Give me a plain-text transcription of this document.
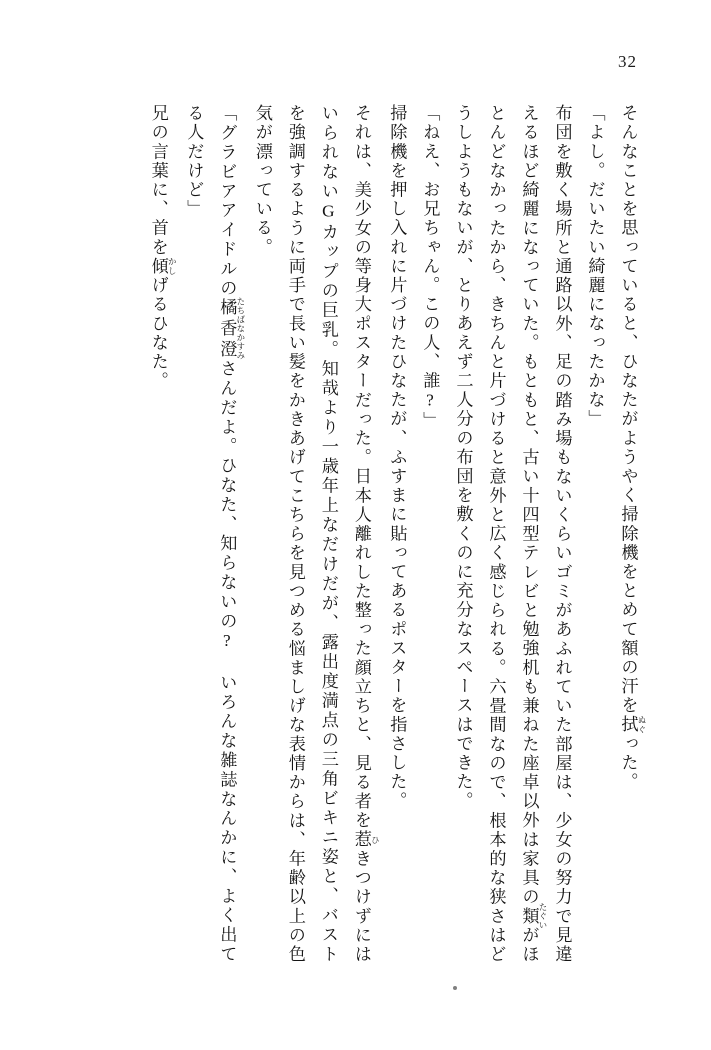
32

そんなことを思っていると、ひなたがようやく掃除機をとめて額の汗を拭 ぬぐった。

「よし。だいたい綺麗になったかな」

布団を敷く場所と通路以外、足の踏み場もないくらいゴミがあふれていた部屋は、少女の努力で見違えるほど綺麗になっていた。もともと、古い十四型テレビと勉強机も兼ねた座卓以外は家具の類 たぐいがほとんどなかったから、きちんと片づけると意外と広く感じられる。六畳間なので、根本的な狭さはどうしようもないが、とりあえず二人分の布団を敷くのに充分なスペースはできた。

「ねえ、お兄ちゃん。この人、誰?」

掃除機を押し入れに片づけたひなたが、ふすまに貼ってあるポスターを指さした。

それは、美少女の等身大ポスターだった。日本人離れした整った顔立ちと、見る者を惹 ひきつけずにはいられないGカップの巨乳。知哉より一歳年上なだけだが、露出度満点の三角ビキニ姿と、バストを強調するように両手で長い髪をかきあげてこちらを見つめる悩ましげな表情からは、年齢以上の色気が漂っている。

「グラビアアイドルの橘香澄 たちばなかすみさんだよ。ひなた、知らないの? いろんな雑誌なんかに、よく出てる人だけど」

兄の言葉に、首を傾 かしげるひなた。
